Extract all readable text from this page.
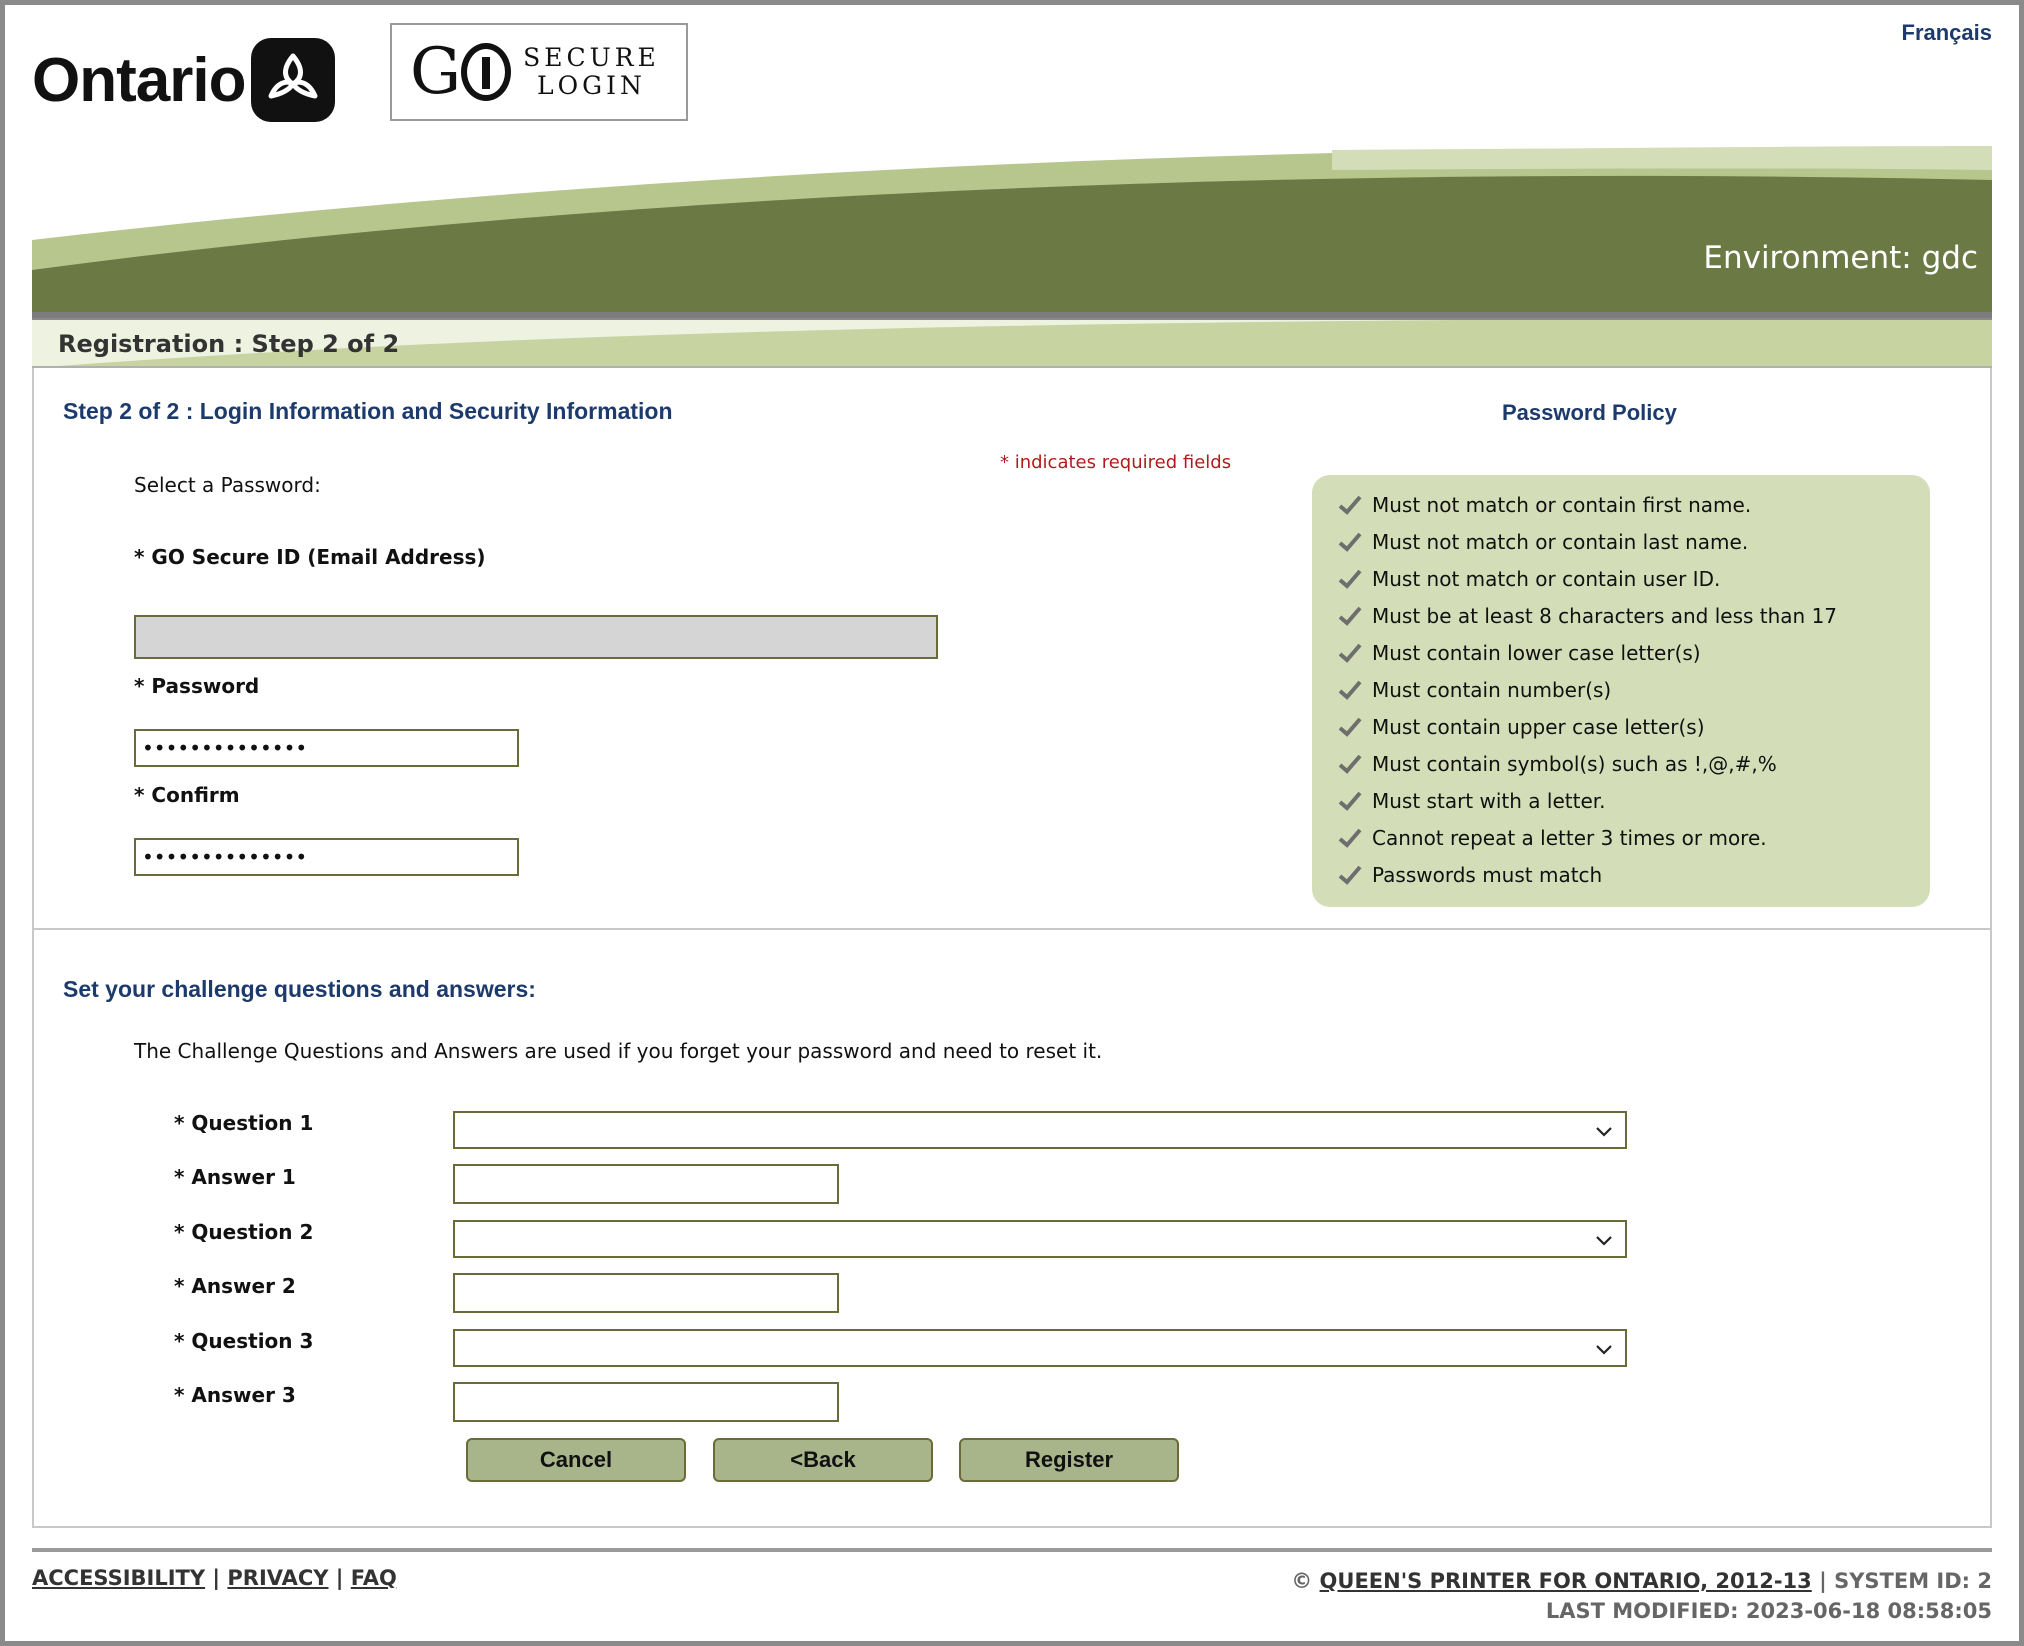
Ontario	G	SECURE
LOGIN
Français
Environment: gdc
Registration : Step 2 of 2
Step 2 of 2 : Login Information and Security Information
* indicates required fields
Select a Password:
* GO Secure ID (Email Address)
* Password
••••••••••••••
* Confirm
••••••••••••••
Password Policy
Must not match or contain first name.
Must not match or contain last name.
Must not match or contain user ID.
Must be at least 8 characters and less than 17
Must contain lower case letter(s)
Must contain number(s)
Must contain upper case letter(s)
Must contain symbol(s) such as !,@,#,%
Must start with a letter.
Cannot repeat a letter 3 times or more.
Passwords must match
Set your challenge questions and answers:
The Challenge Questions and Answers are used if you forget your password and need to reset it.
* Question 1
* Answer 1
* Question 2
* Answer 2
* Question 3
* Answer 3
Cancel	<Back	Register
ACCESSIBILITY | PRIVACY | FAQ	© QUEEN'S PRINTER FOR ONTARIO, 2012-13 | SYSTEM ID: 2
LAST MODIFIED: 2023-06-18 08:58:05
